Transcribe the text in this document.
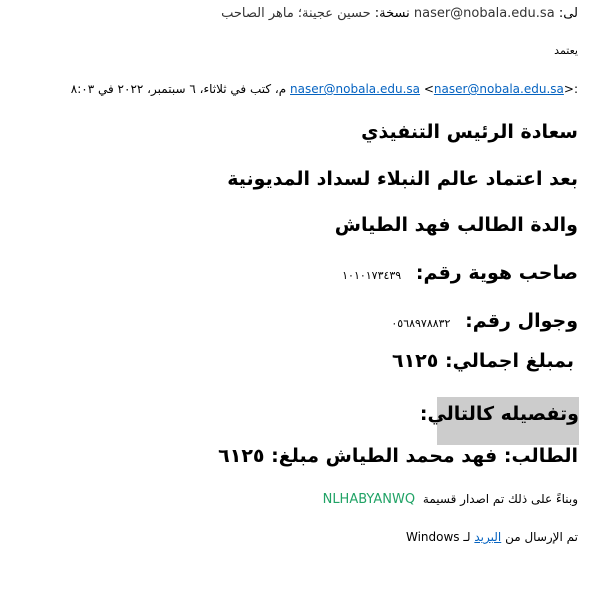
لى: naser@nobala.edu.sa نسخة: حسين عجينة؛ ماهر الصاحب
يعتمد
م، كتب في ثلاثاء، ٦ سبتمبر، ٢٠٢٢ في ٨:٠٣ naser@nobala.edu.sa <naser@nobala.edu.sa>:
سعادة الرئيس التنفيذي
بعد اعتماد عالم النبلاء لسداد المديونية
والدة الطالب فهد الطياش
صاحب هوية رقم: ١٠١٠١٧٣٤٣٩
وجوال رقم: ٠٥٦٨٩٧٨٨٣٢
بمبلغ اجمالي: ٦١٢٥
وتفصيله كالتالي:
الطالب: فهد محمد الطياش مبلغ: ٦١٢٥
وبناءً على ذلك تم اصدار قسيمة NLHABYANWQ
تم الإرسال من البريد لـ Windows
